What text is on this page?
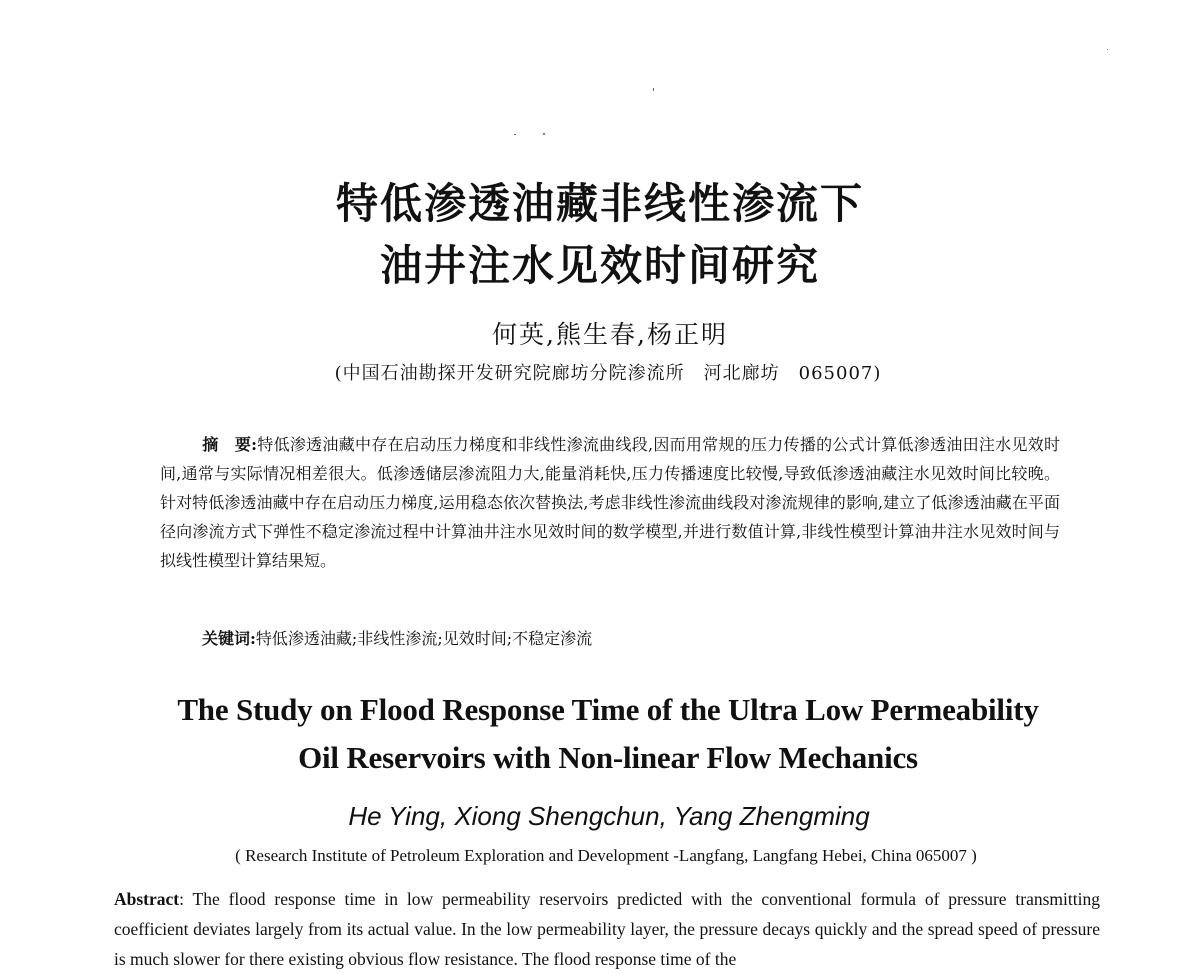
特低渗透油藏非线性渗流下
油井注水见效时间研究
何英,熊生春,杨正明
(中国石油勘探开发研究院廊坊分院渗流所　河北廊坊　065007)
摘　要:特低渗透油藏中存在启动压力梯度和非线性渗流曲线段,因而用常规的压力传播的公式计算低渗透油田注水见效时间,通常与实际情况相差很大。低渗透储层渗流阻力大,能量消耗快,压力传播速度比较慢,导致低渗透油藏注水见效时间比较晚。针对特低渗透油藏中存在启动压力梯度,运用稳态依次替换法,考虑非线性渗流曲线段对渗流规律的影响,建立了低渗透油藏在平面径向渗流方式下弹性不稳定渗流过程中计算油井注水见效时间的数学模型,并进行数值计算,非线性模型计算油井注水见效时间与拟线性模型计算结果短。
关键词:特低渗透油藏;非线性渗流;见效时间;不稳定渗流
The Study on Flood Response Time of the Ultra Low Permeability
Oil Reservoirs with Non-linear Flow Mechanics
He Ying, Xiong Shengchun, Yang Zhengming
( Research Institute of Petroleum Exploration and Development -Langfang, Langfang Hebei, China 065007 )
Abstract: The flood response time in low permeability reservoirs predicted with the conventional formula of pressure transmitting coefficient deviates largely from its actual value. In the low permeability layer, the pressure decays quickly and the spread speed of pressure is much slower for there existing obvious flow resistance. The flood response time of the
